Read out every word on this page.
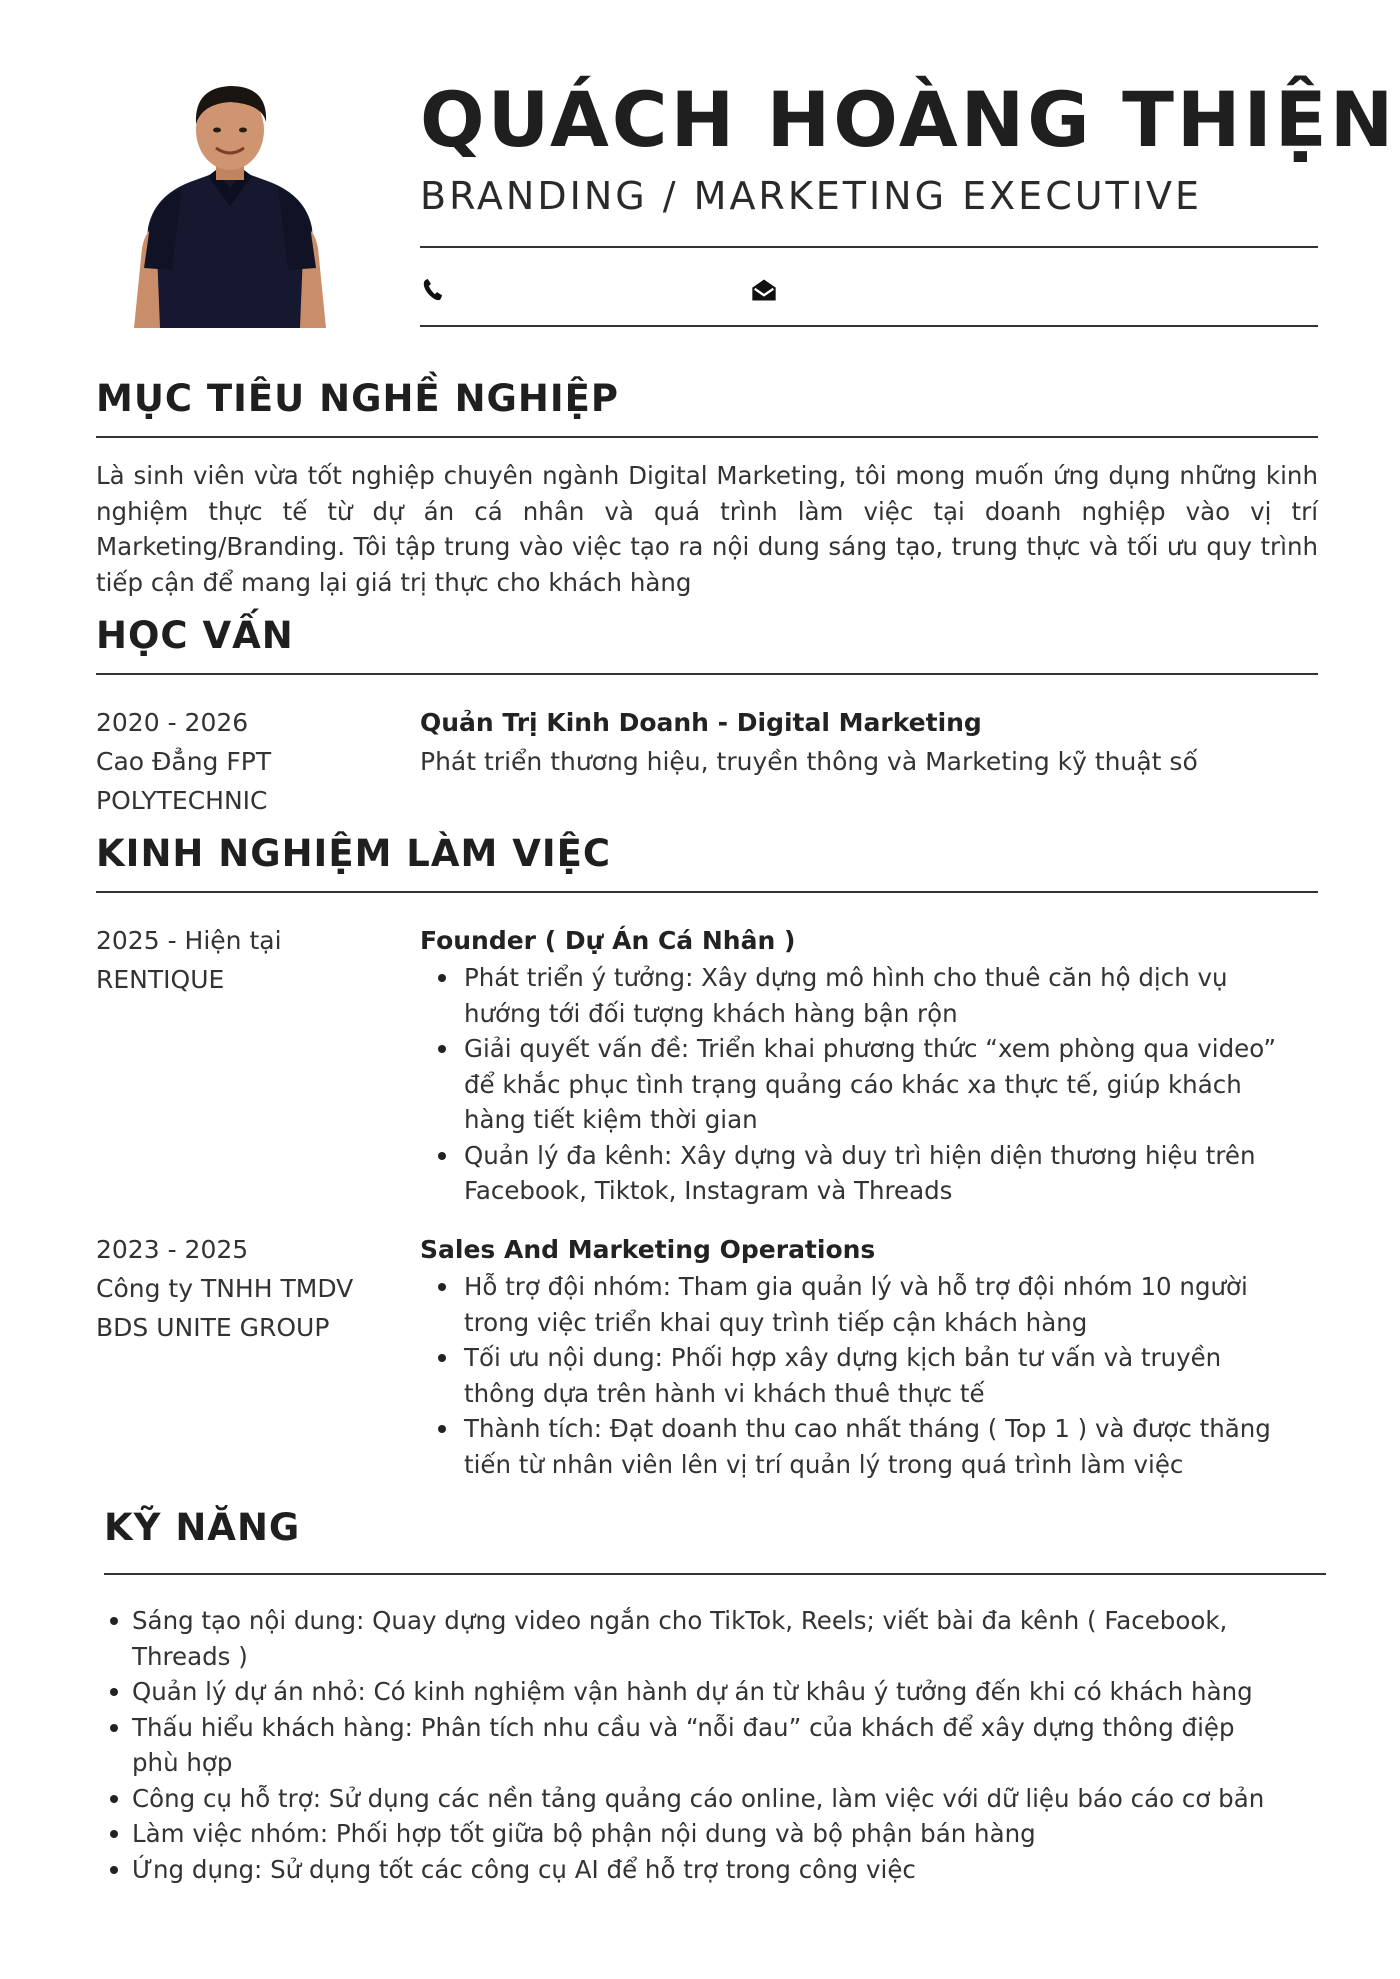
QUÁCH HOÀNG THIỆN
BRANDING / MARKETING EXECUTIVE
MỤC TIÊU NGHỀ NGHIỆP
Là sinh viên vừa tốt nghiệp chuyên ngành Digital Marketing, tôi mong muốn ứng dụng những kinh nghiệm thực tế từ dự án cá nhân và quá trình làm việc tại doanh nghiệp vào vị trí Marketing/Branding. Tôi tập trung vào việc tạo ra nội dung sáng tạo, trung thực và tối ưu quy trình tiếp cận để mang lại giá trị thực cho khách hàng
HỌC VẤN
2020 - 2026
Cao Đẳng FPT
POLYTECHNIC
Quản Trị Kinh Doanh - Digital Marketing
Phát triển thương hiệu, truyền thông và Marketing kỹ thuật số
KINH NGHIỆM LÀM VIỆC
2025 - Hiện tại
RENTIQUE
Founder ( Dự Án Cá Nhân )
Phát triển ý tưởng: Xây dựng mô hình cho thuê căn hộ dịch vụ
hướng tới đối tượng khách hàng bận rộn
Giải quyết vấn đề: Triển khai phương thức “xem phòng qua video”
để khắc phục tình trạng quảng cáo khác xa thực tế, giúp khách
hàng tiết kiệm thời gian
Quản lý đa kênh: Xây dựng và duy trì hiện diện thương hiệu trên
Facebook, Tiktok, Instagram và Threads
2023 - 2025
Công ty TNHH TMDV
BDS UNITE GROUP
Sales And Marketing Operations
Hỗ trợ đội nhóm: Tham gia quản lý và hỗ trợ đội nhóm 10 người
trong việc triển khai quy trình tiếp cận khách hàng
Tối ưu nội dung: Phối hợp xây dựng kịch bản tư vấn và truyền
thông dựa trên hành vi khách thuê thực tế
Thành tích: Đạt doanh thu cao nhất tháng ( Top 1 ) và được thăng
tiến từ nhân viên lên vị trí quản lý trong quá trình làm việc
KỸ NĂNG
Sáng tạo nội dung: Quay dựng video ngắn cho TikTok, Reels; viết bài đa kênh ( Facebook,
Threads )
Quản lý dự án nhỏ: Có kinh nghiệm vận hành dự án từ khâu ý tưởng đến khi có khách hàng
Thấu hiểu khách hàng: Phân tích nhu cầu và “nỗi đau” của khách để xây dựng thông điệp
phù hợp
Công cụ hỗ trợ: Sử dụng các nền tảng quảng cáo online, làm việc với dữ liệu báo cáo cơ bản
Làm việc nhóm: Phối hợp tốt giữa bộ phận nội dung và bộ phận bán hàng
Ứng dụng: Sử dụng tốt các công cụ AI để hỗ trợ trong công việc
